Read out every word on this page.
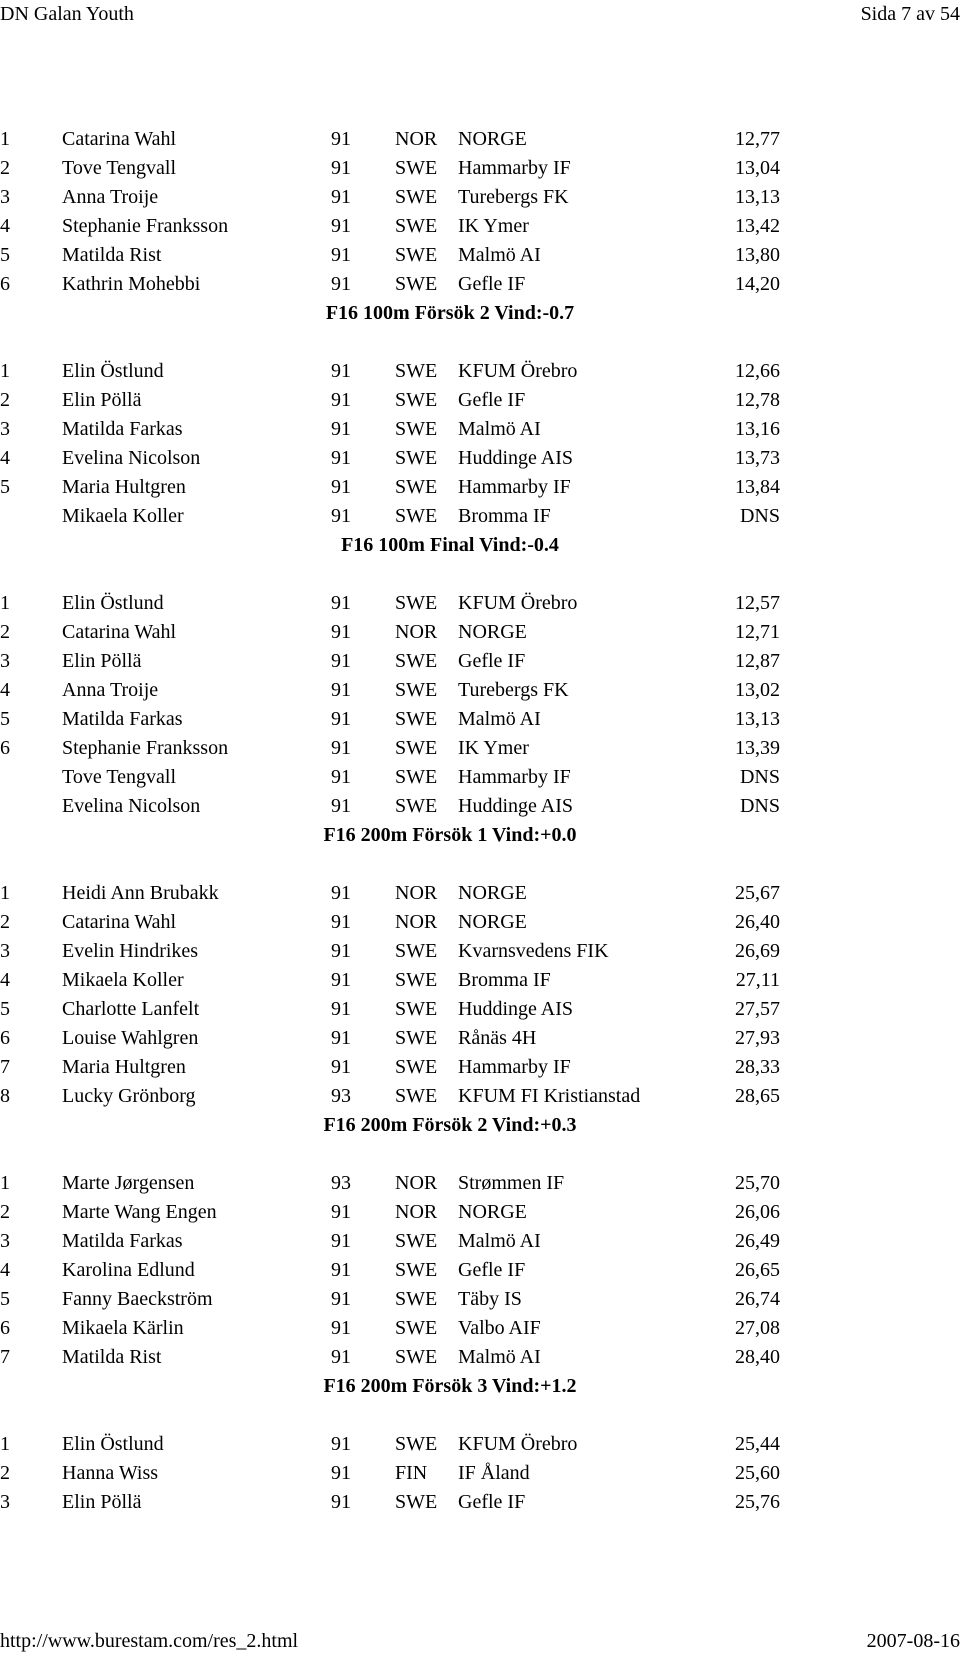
DN Galan Youth	Sida 7 av 54
1	Catarina Wahl	91 NOR NORGE	12,77
2	Tove Tengvall	91 SWE Hammarby IF	13,04
3	Anna Troije	91 SWE Turebergs FK	13,13
4	Stephanie Franksson	91 SWE IK Ymer	13,42
5	Matilda Rist	91 SWE Malmö AI	13,80
6	Kathrin Mohebbi	91 SWE Gefle IF	14,20
F16 100m Försök 2 Vind:-0.7
1	Elin Östlund	91 SWE KFUM Örebro	12,66
2	Elin Pöllä	91 SWE Gefle IF	12,78
3	Matilda Farkas	91 SWE Malmö AI	13,16
4	Evelina Nicolson	91 SWE Huddinge AIS	13,73
5	Maria Hultgren	91 SWE Hammarby IF	13,84
Mikaela Koller	91 SWE Bromma IF	DNS
F16 100m Final Vind:-0.4
1	Elin Östlund	91 SWE KFUM Örebro	12,57
2	Catarina Wahl	91 NOR NORGE	12,71
3	Elin Pöllä	91 SWE Gefle IF	12,87
4	Anna Troije	91 SWE Turebergs FK	13,02
5	Matilda Farkas	91 SWE Malmö AI	13,13
6	Stephanie Franksson	91 SWE IK Ymer	13,39
Tove Tengvall	91 SWE Hammarby IF	DNS
Evelina Nicolson	91 SWE Huddinge AIS	DNS
F16 200m Försök 1 Vind:+0.0
1	Heidi Ann Brubakk	91 NOR NORGE	25,67
2	Catarina Wahl	91 NOR NORGE	26,40
3	Evelin Hindrikes	91 SWE Kvarnsvedens FIK	26,69
4	Mikaela Koller	91 SWE Bromma IF	27,11
5	Charlotte Lanfelt	91 SWE Huddinge AIS	27,57
6	Louise Wahlgren	91 SWE Rånäs 4H	27,93
7	Maria Hultgren	91 SWE Hammarby IF	28,33
8	Lucky Grönborg	93 SWE KFUM FI Kristianstad	28,65
F16 200m Försök 2 Vind:+0.3
1	Marte Jørgensen	93 NOR Strømmen IF	25,70
2	Marte Wang Engen	91 NOR NORGE	26,06
3	Matilda Farkas	91 SWE Malmö AI	26,49
4	Karolina Edlund	91 SWE Gefle IF	26,65
5	Fanny Baeckström	91 SWE Täby IS	26,74
6	Mikaela Kärlin	91 SWE Valbo AIF	27,08
7	Matilda Rist	91 SWE Malmö AI	28,40
F16 200m Försök 3 Vind:+1.2
1	Elin Östlund	91 SWE KFUM Örebro	25,44
2	Hanna Wiss	91 FIN IF Åland	25,60
3	Elin Pöllä	91 SWE Gefle IF	25,76
http://www.burestam.com/res_2.html	2007-08-16
